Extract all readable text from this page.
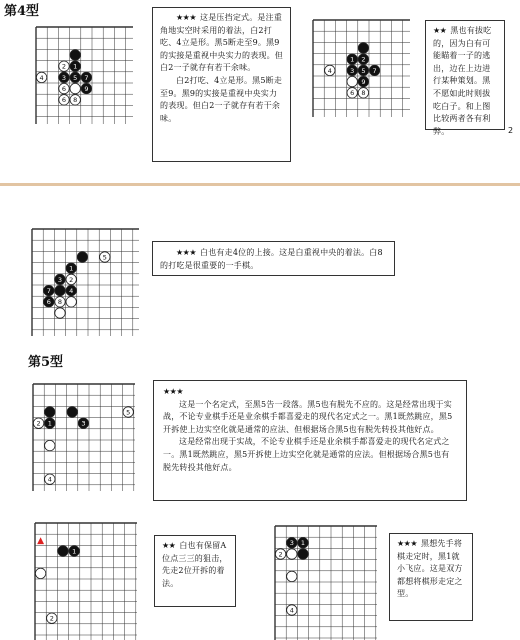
第4型
1
2
3
4	5 7
6	9
6 8

★★★ 这是压挡定式。是注重角地实空时采用的着法，白2打吃、4立是形。黑5断走至9。黑9的实接是重视中央实力的表现。但白2一子就存有若干余味。

白2打吃、4立是形。黑5断走至9。黑9的实接是重视中央实力的表现。但白2一子就存有若干余味。

1 2
3 5 7
4
9
6 8

★★ 黑也有拔吃的，因为白有可能瞄着一子的逃出，边在上边进行某种策划。黑不愿如此时则拔吃白子。和上图比较两者各有利弊。	2
5
1
3 2
7	4
6 8

★★★ 白也有走4位的上接。这是白重视中央的着法。白8的打吃是很重要的一手棋。

第5型
5
2 1	3
4

★★★

这是一个名定式，至黑5告一段落。黑5也有脱先不应的。这是经常出现于实战，不论专业棋手还是业余棋手都喜爱走的现代名定式之一。黑1既然跳应，黑5开拆使上边实空化就是通常的应法、但根据场合黑5也有脱先转投其他好点。

这是经常出现于实战，不论专业棋手还是业余棋手都喜爱走的现代名定式之一。黑1既然跳应，黑5开拆使上边实空化就是通常的应法。但根据场合黑5也有脱先转投其他好点。

▲
1
2

★★ 白也有保留A位点三三的狙击，先走2位开拆的着法。

3 1
2
4

★★★ 黑想先手将棋走定时，黑1就小飞应。这是双方都想将棋形走定之型。
